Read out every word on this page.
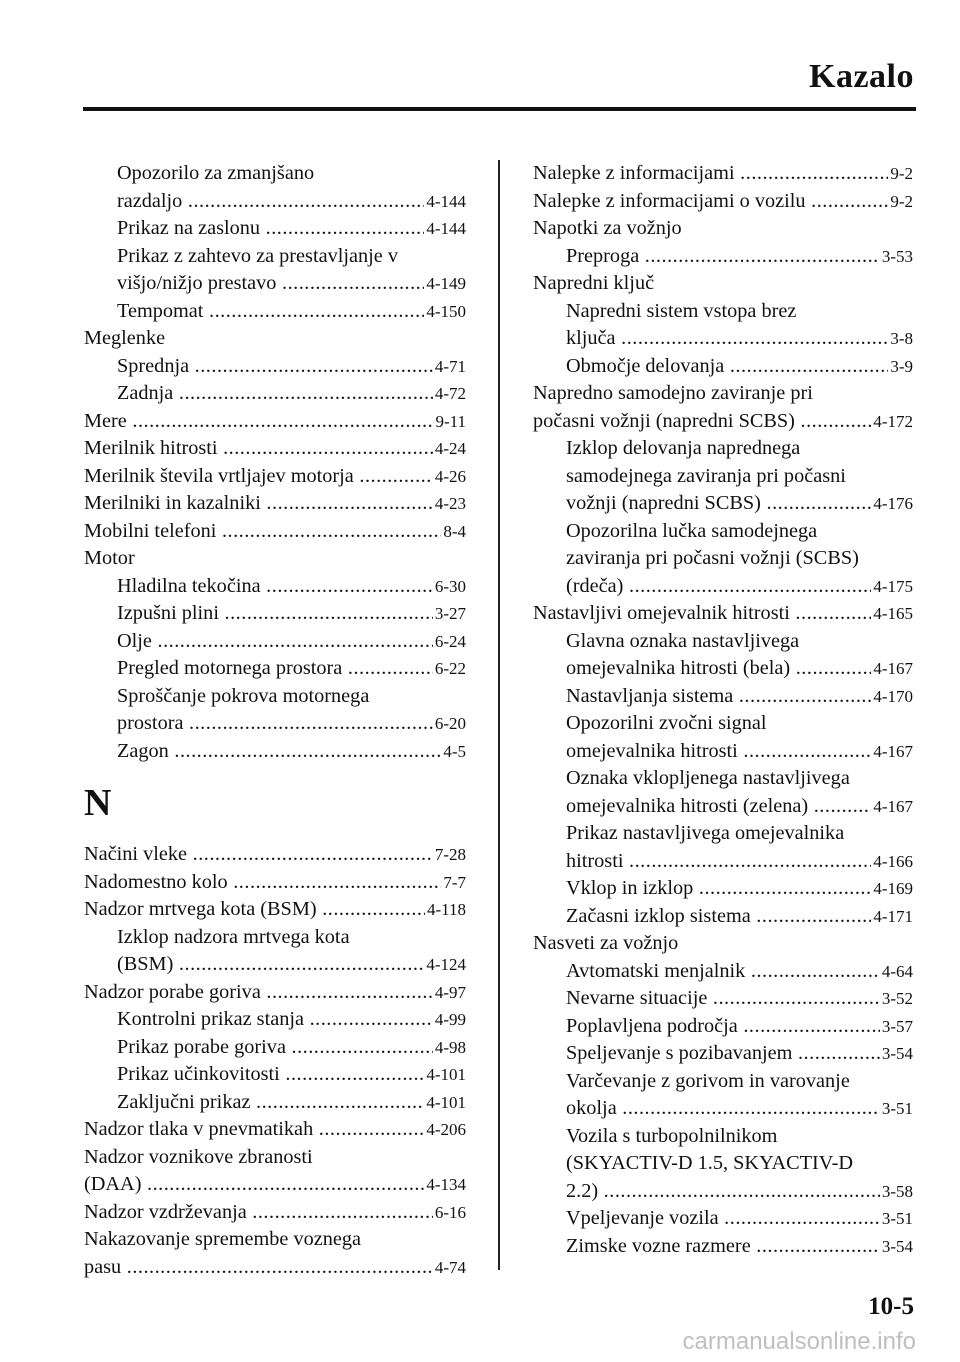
Kazalo
Opozorilo za zmanjšano
razdaljo .....	4-144
Prikaz na zaslonu .....	4-144
Prikaz z zahtevo za prestavljanje v
višjo/nižjo prestavo .....	4-149
Tempomat .....	4-150
Meglenke
Sprednja .....	4-71
Zadnja .....	4-72
Mere .....	9-11
Merilnik hitrosti .....	4-24
Merilnik števila vrtljajev motorja .....	4-26
Merilniki in kazalniki .....	4-23
Mobilni telefoni .....	8-4
Motor
Hladilna tekočina .....	6-30
Izpušni plini .....	3-27
Olje .....	6-24
Pregled motornega prostora .....	6-22
Sproščanje pokrova motornega
prostora .....	6-20
Zagon .....	4-5
N
Načini vleke .....	7-28
Nadomestno kolo .....	7-7
Nadzor mrtvega kota (BSM) .....	4-118
Izklop nadzora mrtvega kota
(BSM) .....	4-124
Nadzor porabe goriva .....	4-97
Kontrolni prikaz stanja .....	4-99
Prikaz porabe goriva .....	4-98
Prikaz učinkovitosti .....	4-101
Zaključni prikaz .....	4-101
Nadzor tlaka v pnevmatikah .....	4-206
Nadzor voznikove zbranosti
(DAA) .....	4-134
Nadzor vzdrževanja .....	6-16
Nakazovanje spremembe voznega
pasu .....	4-74
Nalepke z informacijami .....	9-2
Nalepke z informacijami o vozilu .....	9-2
Napotki za vožnjo
Preproga .....	3-53
Napredni ključ
Napredni sistem vstopa brez
ključa .....	3-8
Območje delovanja .....	3-9
Napredno samodejno zaviranje pri
počasni vožnji (napredni SCBS) .....	4-172
Izklop delovanja naprednega
samodejnega zaviranja pri počasni
vožnji (napredni SCBS) .....	4-176
Opozorilna lučka samodejnega
zaviranja pri počasni vožnji (SCBS)
(rdeča) .....	4-175
Nastavljivi omejevalnik hitrosti .....	4-165
Glavna oznaka nastavljivega
omejevalnika hitrosti (bela) .....	4-167
Nastavljanja sistema .....	4-170
Opozorilni zvočni signal
omejevalnika hitrosti .....	4-167
Oznaka vklopljenega nastavljivega
omejevalnika hitrosti (zelena) .....	4-167
Prikaz nastavljivega omejevalnika
hitrosti .....	4-166
Vklop in izklop .....	4-169
Začasni izklop sistema .....	4-171
Nasveti za vožnjo
Avtomatski menjalnik .....	4-64
Nevarne situacije .....	3-52
Poplavljena področja .....	3-57
Speljevanje s pozibavanjem .....	3-54
Varčevanje z gorivom in varovanje
okolja .....	3-51
Vozila s turbopolnilnikom
(SKYACTIV-D 1.5, SKYACTIV-D
2.2) .....	3-58
Vpeljevanje vozila .....	3-51
Zimske vozne razmere .....	3-54
10-5
carmanualsonline.info
